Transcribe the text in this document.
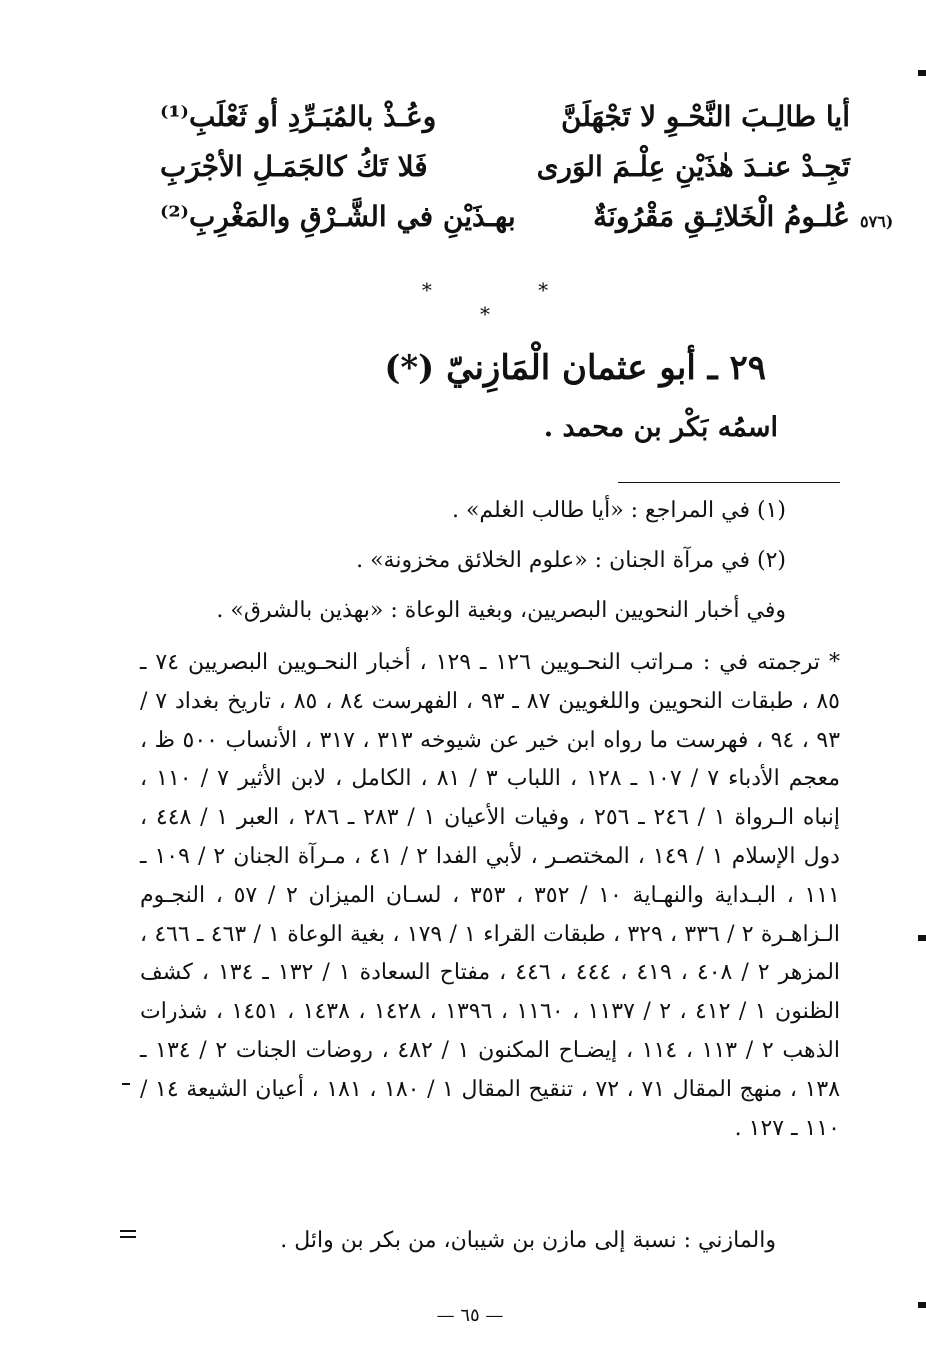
أيا طالِـبَ النَّحْـوِ لا تَجْهَلَنَّ
وعُـذْ بالمُبَـرِّدِ أو ثَعْلَبِ⁽¹⁾
تَجِـدْ عنـدَ هٰذَيْنِ عِلْـمَ الوَرى
فَلا تَكُ كالجَمَـلِ الأجْرَبِ
عُلـومُ الْخَلائِـقِ مَقْرُونَةٌ
بهـذَيْنِ في الشَّـرْقِ والمَغْرِبِ⁽²⁾	(٥٧٦
* * *
٢٩ ـ أبو عثمان الْمَازِنيّ (*)
اسمُه بَكْر بن محمد .
(١) في المراجع : «أيا طالب الغلم» .
(٢) في مرآة الجنان : «علوم الخلائق مخزونة» .
وفي أخبار النحويين البصريين، وبغية الوعاة : «بهذين بالشرق» .
* ترجمته في : مـراتب النحـويين ١٢٦ ـ ١٢٩ ، أخبار النحـويين البصريين ٧٤ ـ ٨٥ ، طبقات النحويين واللغويين ٨٧ ـ ٩٣ ، الفهرست ٨٤ ، ٨٥ ، تاريخ بغداد ٧ / ٩٣ ، ٩٤ ، فهرست ما رواه ابن خير عن شيوخه ٣١٣ ، ٣١٧ ، الأنساب ٥٠٠ ظ ، معجم الأدباء ٧ / ١٠٧ ـ ١٢٨ ، اللباب ٣ / ٨١ ، الكامل ، لابن الأثير ٧ / ١١٠ ، إنباه الـرواة ١ / ٢٤٦ ـ ٢٥٦ ، وفيات الأعيان ١ / ٢٨٣ ـ ٢٨٦ ، العبر ١ / ٤٤٨ ، دول الإسلام ١ / ١٤٩ ، المختصـر ، لأبي الفدا ٢ / ٤١ ، مـرآة الجنان ٢ / ١٠٩ ـ ١١١ ، البـداية والنهـاية ١٠ / ٣٥٢ ، ٣٥٣ ، لسـان الميزان ٢ / ٥٧ ، النجـوم الـزاهـرة ٢ / ٣٣٦ ، ٣٢٩ ، طبقات القراء ١ / ١٧٩ ، بغية الوعاة ١ / ٤٦٣ ـ ٤٦٦ ، المزهر ٢ / ٤٠٨ ، ٤١٩ ، ٤٤٤ ، ٤٤٦ ، مفتاح السعادة ١ / ١٣٢ ـ ١٣٤ ، كشف الظنون ١ / ٤١٢ ، ٢ / ١١٣٧ ، ١١٦٠ ، ١٣٩٦ ، ١٤٢٨ ، ١٤٣٨ ، ١٤٥١ ، شذرات الذهب ٢ / ١١٣ ، ١١٤ ، إيضـاح المكنون ١ / ٤٨٢ ، روضات الجنات ٢ / ١٣٤ ـ ١٣٨ ، منهج المقال ٧١ ، ٧٢ ، تنقيح المقال ١ / ١٨٠ ، ١٨١ ، أعيان الشيعة ١٤ / ١١٠ ـ ١٢٧ .
والمازني : نسبة إلى مازن بن شيبان، من بكر بن وائل .
— ٦٥ —
